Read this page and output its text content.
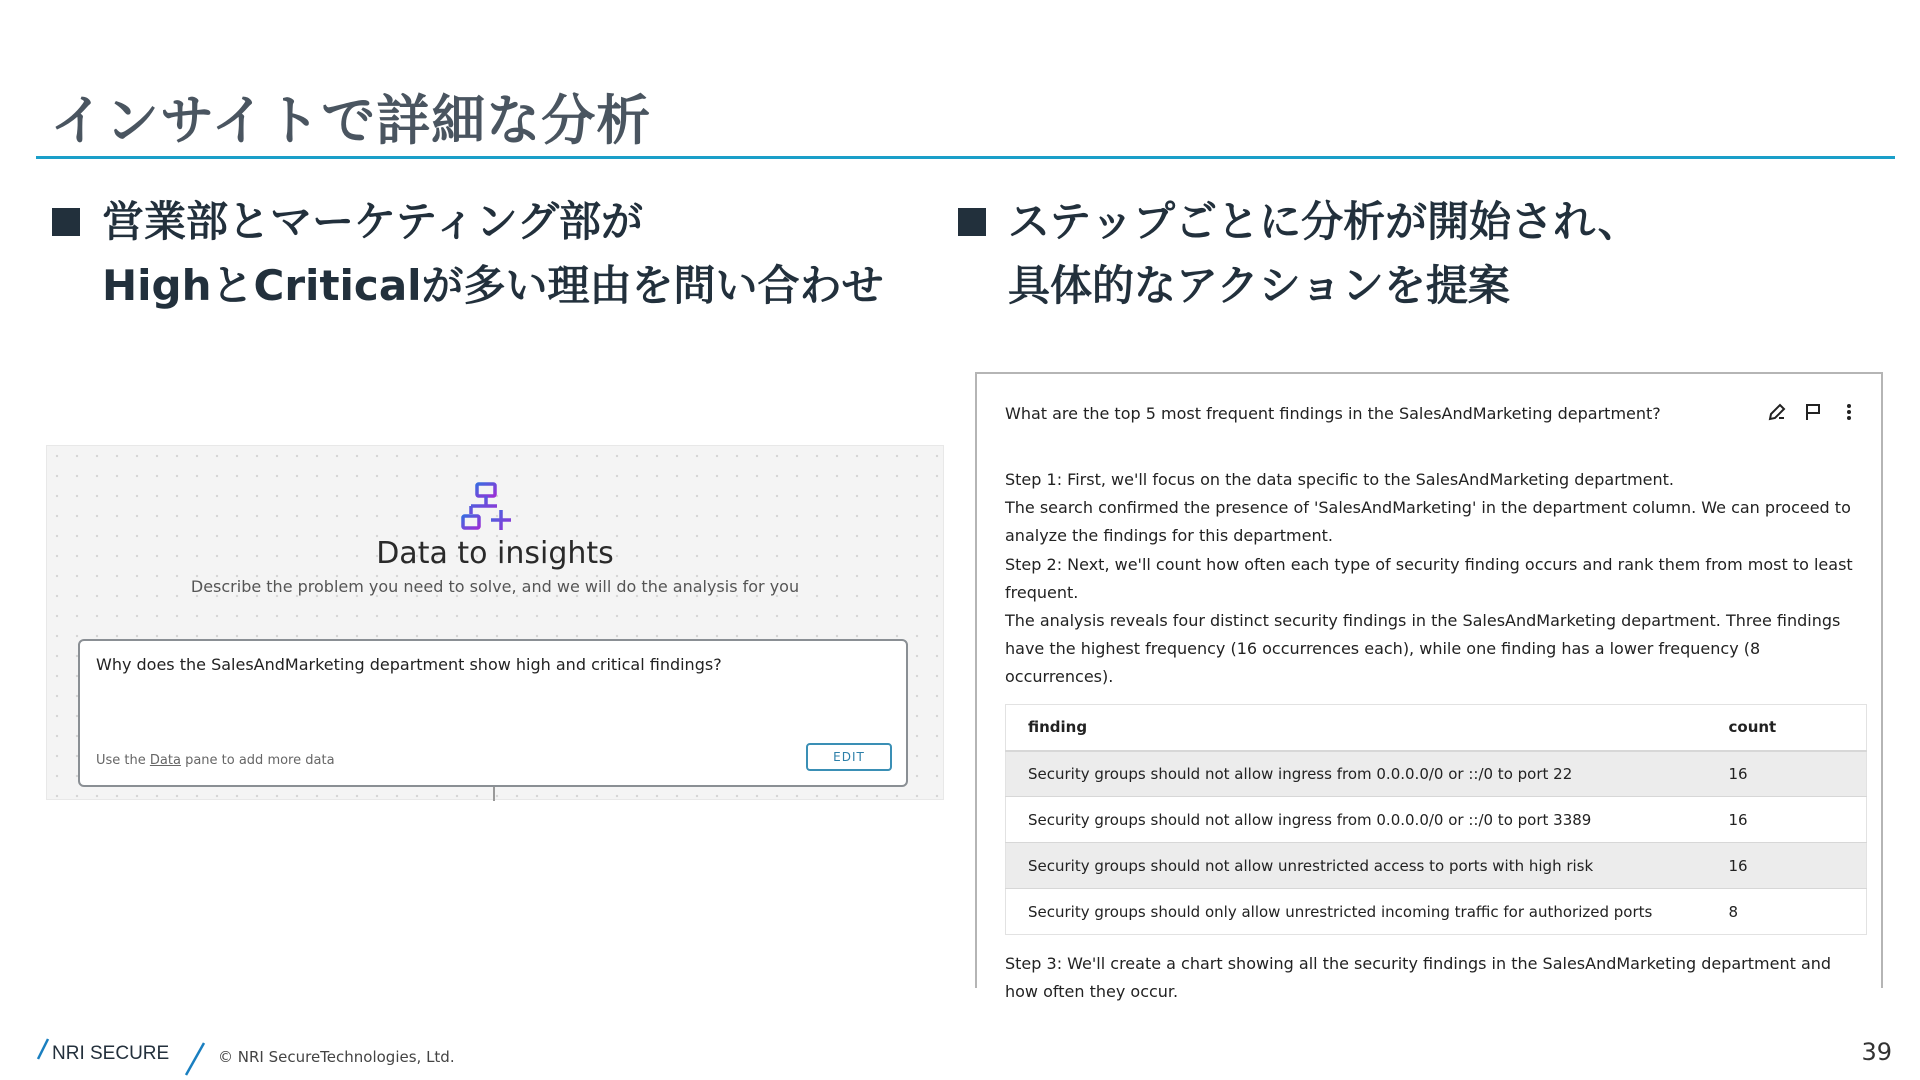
インサイトで詳細な分析
営業部とマーケティング部が
HighとCriticalが多い理由を問い合わせ
ステップごとに分析が開始され、
具体的なアクションを提案
Data to insights
Describe the problem you need to solve, and we will do the analysis for you
Why does the SalesAndMarketing department show high and critical findings?
Use the Data pane to add more data	EDIT
What are the top 5 most frequent findings in the SalesAndMarketing department?
Step 1: First, we'll focus on the data specific to the SalesAndMarketing department.
The search confirmed the presence of 'SalesAndMarketing' in the department column. We can proceed to analyze the findings for this department.
Step 2: Next, we'll count how often each type of security finding occurs and rank them from most to least frequent.
The analysis reveals four distinct security findings in the SalesAndMarketing department. Three findings have the highest frequency (16 occurrences each), while one finding has a lower frequency (8 occurrences).
finding	count
Security groups should not allow ingress from 0.0.0.0/0 or ::/0 to port 22	16
Security groups should not allow ingress from 0.0.0.0/0 or ::/0 to port 3389	16
Security groups should not allow unrestricted access to ports with high risk	16
Security groups should only allow unrestricted incoming traffic for authorized ports	8
Step 3: We'll create a chart showing all the security findings in the SalesAndMarketing department and how often they occur.
NRI SECURE	© NRI SecureTechnologies, Ltd.	39
